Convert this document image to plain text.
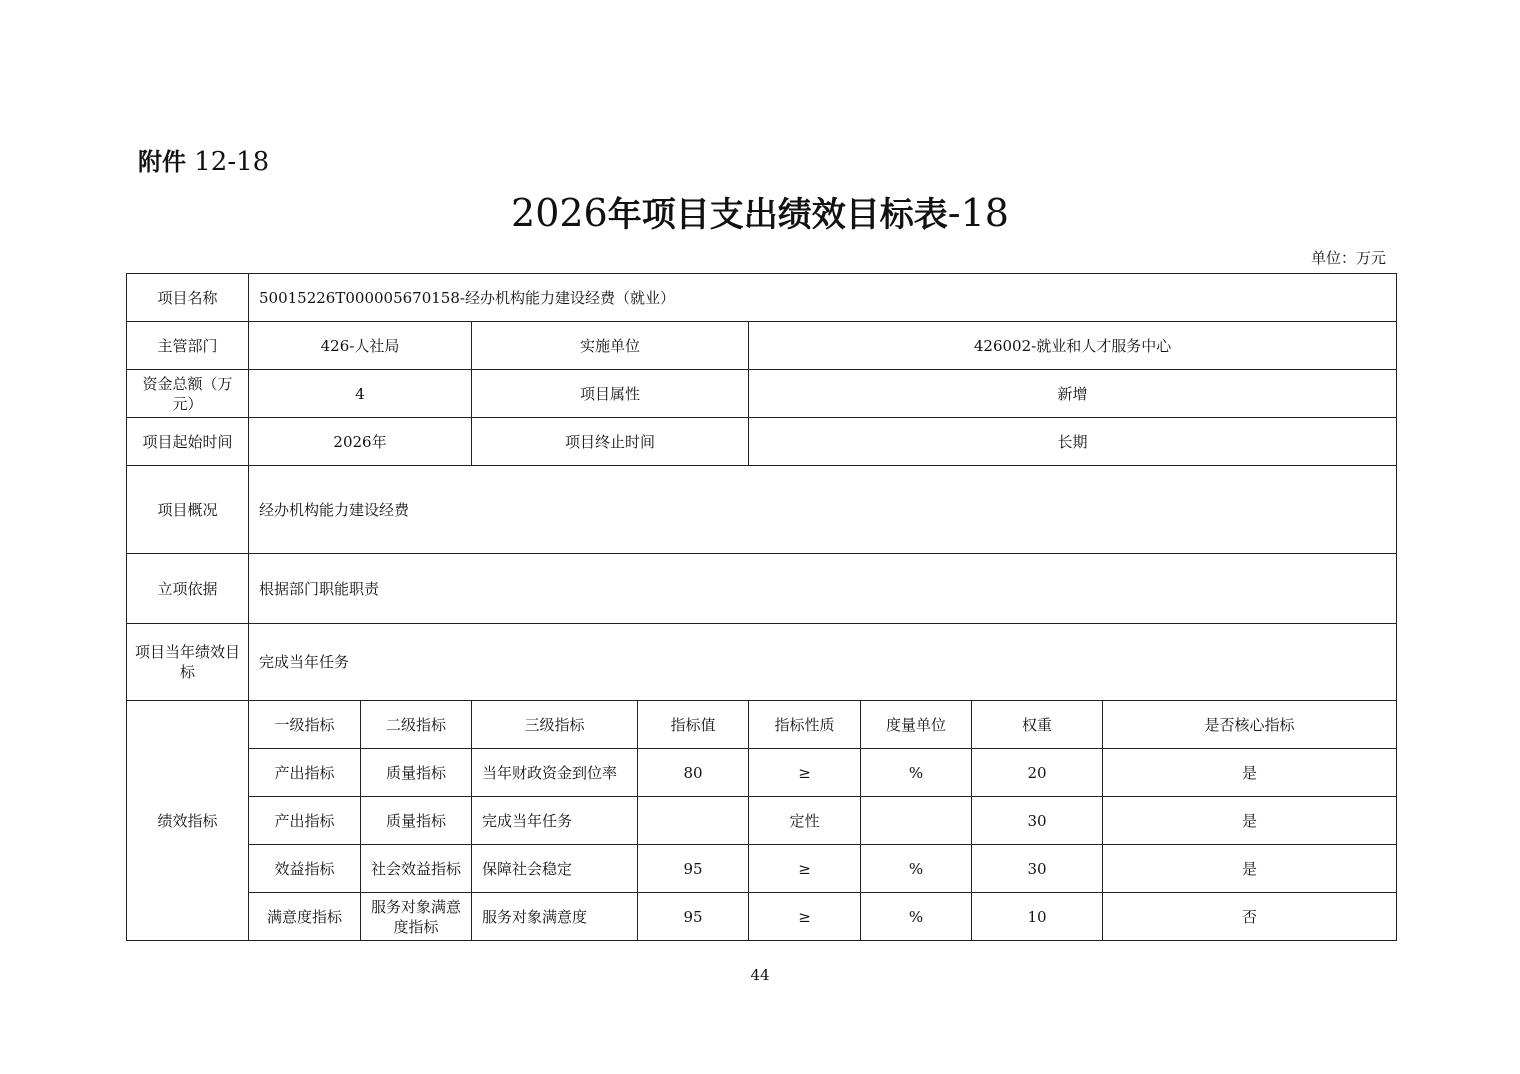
附件 12-18
2026年项目支出绩效目标表-18
单位：万元
项目名称	50015226T000005670158-经办机构能力建设经费（就业）							
主管部门	426-人社局		实施单位		426002-就业和人才服务中心			
资金总额（万元）	4		项目属性		新增			
项目起始时间	2026年		项目终止时间		长期			
项目概况	经办机构能力建设经费							
立项依据	根据部门职能职责							
项目当年绩效目标	完成当年任务							
绩效指标	一级指标	二级指标	三级指标	指标值	指标性质	度量单位	权重	是否核心指标
	产出指标	质量指标	当年财政资金到位率	80	≥	%	20	是
	产出指标	质量指标	完成当年任务		定性		30	是
	效益指标	社会效益指标	保障社会稳定	95	≥	%	30	是
	满意度指标	服务对象满意度指标	服务对象满意度	95	≥	%	10	否
44
